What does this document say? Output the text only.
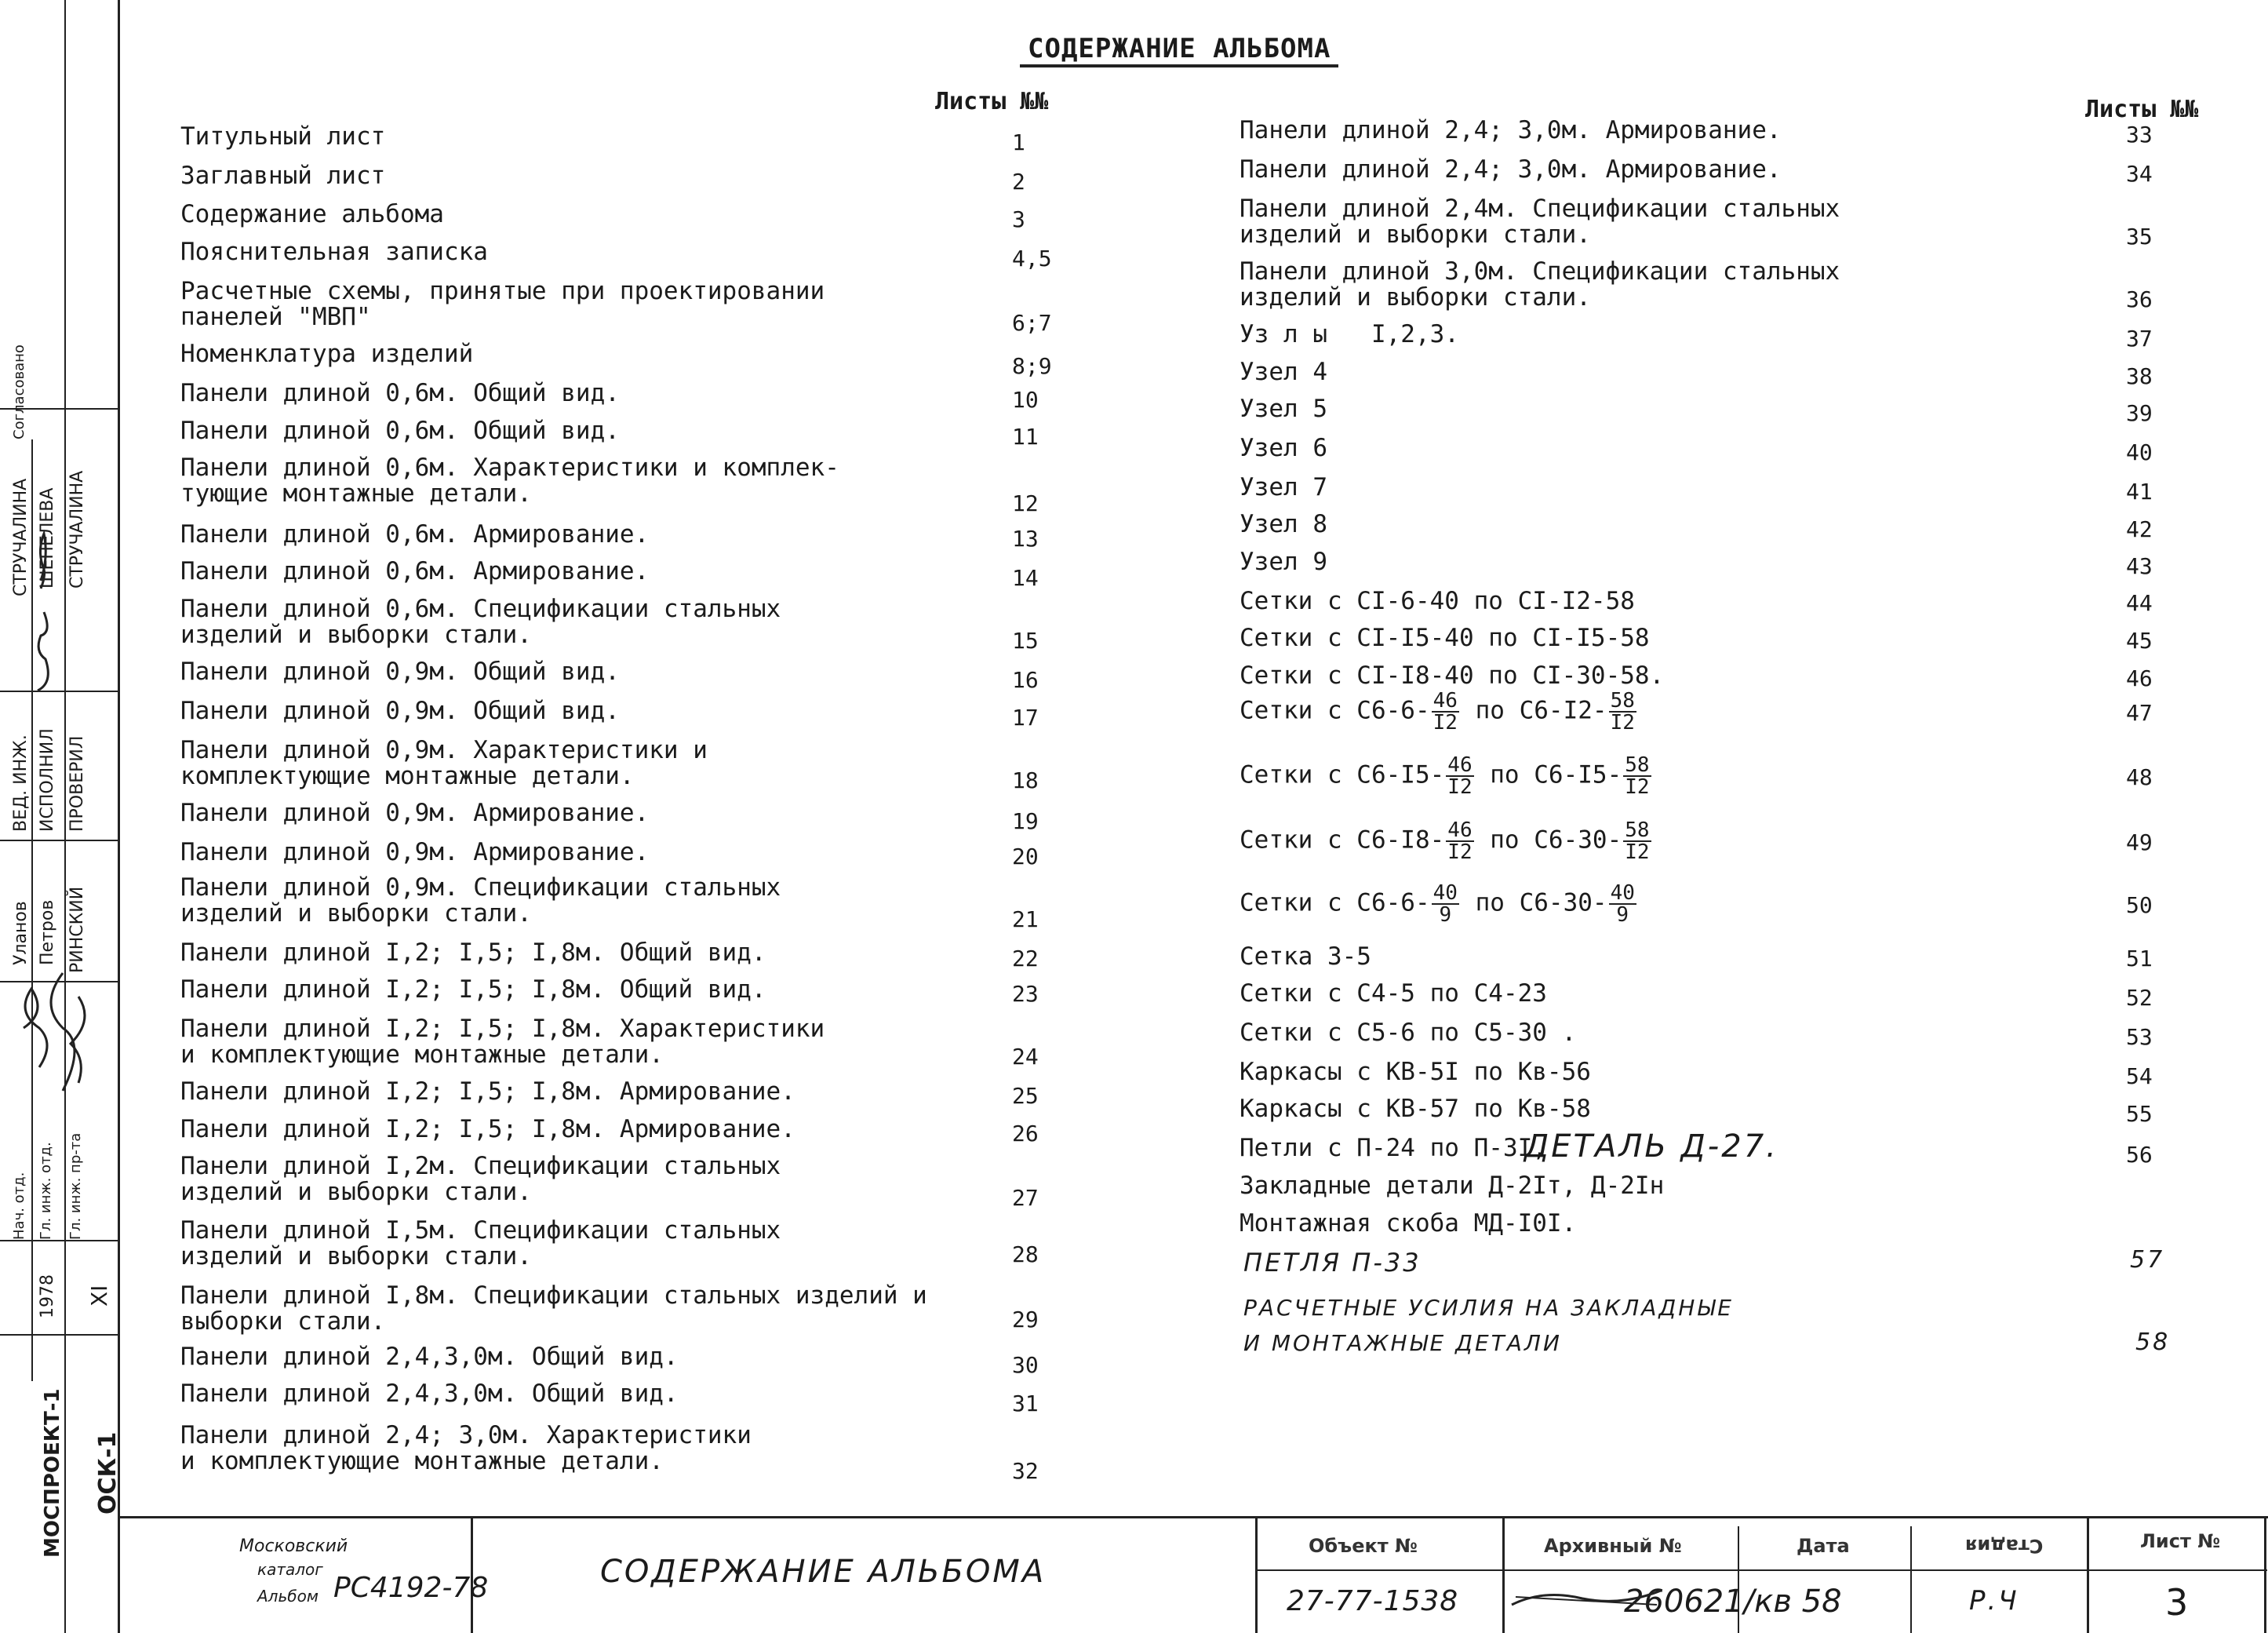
СОДЕРЖАНИЕ АЛЬБОМА
Листы №№	Листы №№
Титульный лист	1
Заглавный лист	2
Содержание альбома	3
Пояснительная записка	4,5
Расчетные схемы, принятые при проектировании
панелей "МВП"	6;7
Номенклатура изделий	8;9
Панели длиной 0,6м. Общий вид.	10
Панели длиной 0,6м. Общий вид.	11
Панели длиной 0,6м. Характеристики и комплек-
тующие монтажные детали.	12
Панели длиной 0,6м. Армирование.	13
Панели длиной 0,6м. Армирование.	14
Панели длиной 0,6м. Спецификации стальных
изделий и выборки стали.	15
Панели длиной 0,9м. Общий вид.	16
Панели длиной 0,9м. Общий вид.	17
Панели длиной 0,9м. Характеристики и
комплектующие монтажные детали.	18
Панели длиной 0,9м. Армирование.	19
Панели длиной 0,9м. Армирование.	20
Панели длиной 0,9м. Спецификации стальных
изделий и выборки стали.	21
Панели длиной I,2; I,5; I,8м. Общий вид.	22
Панели длиной I,2; I,5; I,8м. Общий вид.	23
Панели длиной I,2; I,5; I,8м. Характеристики
и комплектующие монтажные детали.	24
Панели длиной I,2; I,5; I,8м. Армирование.	25
Панели длиной I,2; I,5; I,8м. Армирование.	26
Панели длиной I,2м. Спецификации стальных
изделий и выборки стали.	27
Панели длиной I,5м. Спецификации стальных
изделий и выборки стали.	28
Панели длиной I,8м. Спецификации стальных изделий и
выборки стали.	29
Панели длиной 2,4,3,0м. Общий вид.	30
Панели длиной 2,4,3,0м. Общий вид.	31
Панели длиной 2,4; 3,0м. Характеристики
и комплектующие монтажные детали.	32
Панели длиной 2,4; 3,0м. Армирование.	33
Панели длиной 2,4; 3,0м. Армирование.	34
Панели длиной 2,4м. Спецификации стальных
изделий и выборки стали.	35
Панели длиной 3,0м. Спецификации стальных
изделий и выборки стали.	36
Уз л ы   I,2,3.	37
Узел 4	38
Узел 5	39
Узел 6	40
Узел 7	41
Узел 8	42
Узел 9	43
Сетки с СI-6-40 по СI-I2-58	44
Сетки с СI-I5-40 по СI-I5-58	45
Сетки с СI-I8-40 по СI-30-58.	46
Сетки с $С6-6- \frac{46}{I2}$ по $С6-I2- \frac{58}{I2}$	47
Сетки с $С6-I5- \frac{46}{I2}$ по $С6-I5- \frac{58}{I2}$	48
Сетки с $С6-I8- \frac{46}{I2}$ по $С6-30- \frac{58}{I2}$	49
Сетки с $С6-6- \frac{40}{9}$ по $С6-30- \frac{40}{9}$	50
Сетка 3-5	51
Сетки с С4-5 по С4-23	52
Сетки с С5-6 по С5-30 .	53
Каркасы с КВ-5I по Кв-56	54
Каркасы с КВ-57 по Кв-58	55
Петли с П-24 по П-3I,	56
Закладные детали Д-2Iт, Д-2Iн
Монтажная скоба МД-I0I.
ДЕТАЛЬ Д-27.
ПЕТЛЯ П-33	57
РАСЧЕТНЫЕ УСИЛИЯ НА ЗАКЛАДНЫЕ
И МОНТАЖНЫЕ ДЕТАЛИ	58
Согласовано
СТРУЧАЛИНА ШЕПЕЛЕВА СТРУЧАЛИНА
ВЕД. ИНЖ. ИСПОЛНИЛ ПРОВЕРИЛ
Уланов Петров РИНСКИЙ
Нач. отд. Гл. инж. отд. Гл. инж. пр-та
1978 XI
МОСПРОЕКТ-1 ОСК-1
Московский
каталог
Альбом РС4192-78	СОДЕРЖАНИЕ АЛЬБОМА
Объект №
27-77-1538
Архивный №
260621/кв 58
Дата	Стадия
Р.Ч
Лист №
3
